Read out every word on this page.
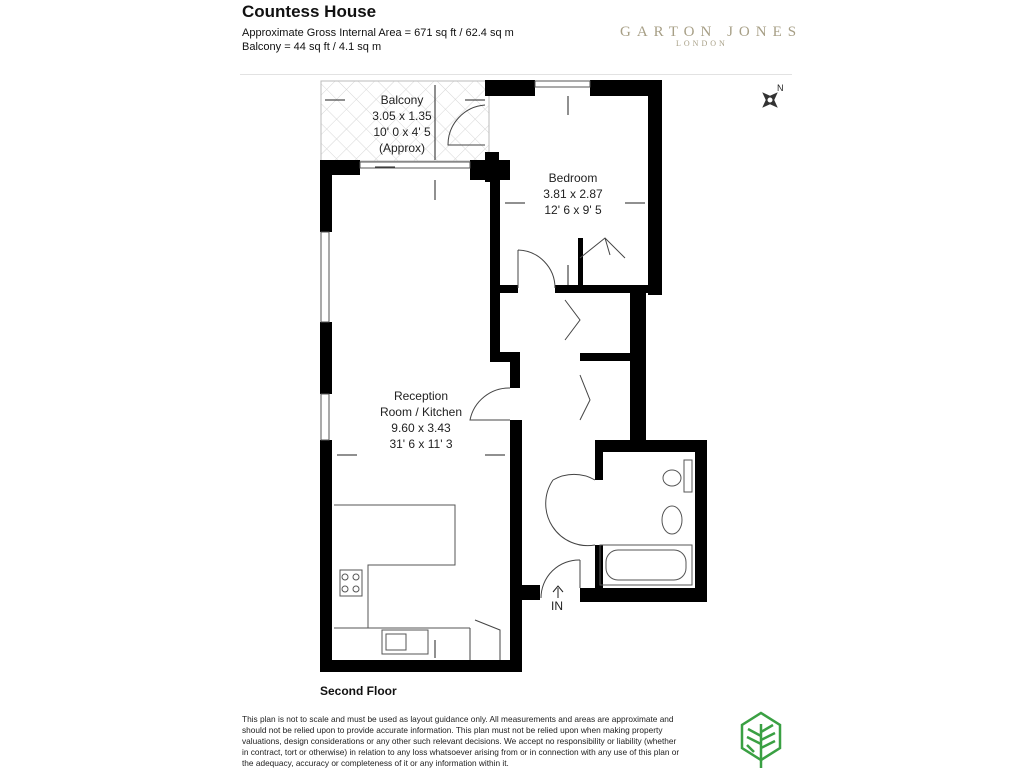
Countess House
Approximate Gross Internal Area = 671 sq ft / 62.4 sq m
Balcony = 44 sq ft / 4.1 sq m
GARTON JONES
LONDON
Balcony
3.05 x 1.35
10' 0 x 4' 5
(Approx)
Bedroom
3.81 x 2.87
12' 6 x 9' 5
Reception
Room / Kitchen
9.60 x 3.43
31' 6 x 11' 3
IN
N
Second Floor
This plan is not to scale and must be used as layout guidance only. All measurements and areas are approximate and should not be relied upon to provide accurate information. This plan must not be relied upon when making property valuations, design considerations or any other such relevant decisions. We accept no responsibility or liability (whether in contract, tort or otherwise) in relation to any loss whatsoever arising from or in connection with any use of this plan or the adequacy, accuracy or completeness of it or any information within it.
